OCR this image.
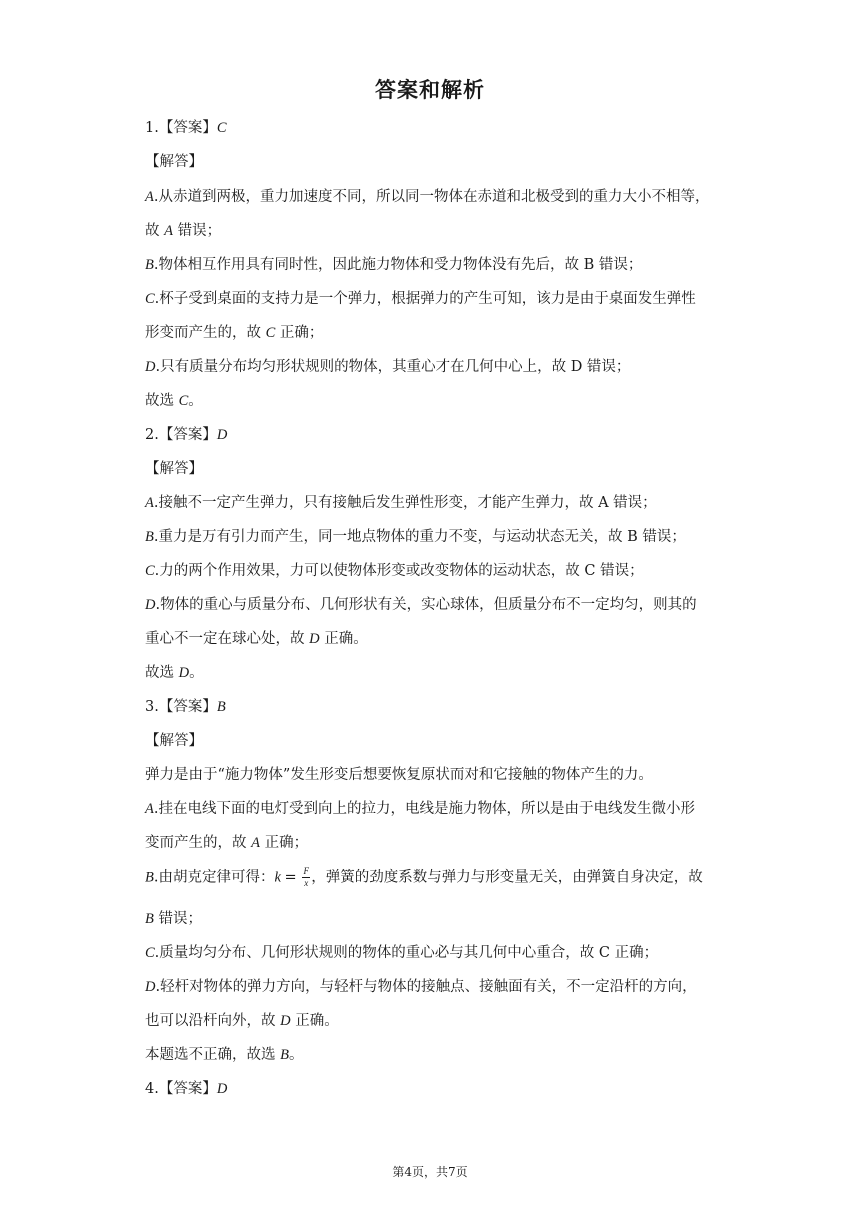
答案和解析
1.【答案】C
【解答】
A.从赤道到两极，重力加速度不同，所以同一物体在赤道和北极受到的重力大小不相等，
故 A 错误；
B.物体相互作用具有同时性，因此施力物体和受力物体没有先后，故 B 错误；
C.杯子受到桌面的支持力是一个弹力，根据弹力的产生可知，该力是由于桌面发生弹性
形变而产生的，故 C 正确；
D.只有质量分布均匀形状规则的物体，其重心才在几何中心上，故 D 错误；
故选 C。
2.【答案】D
【解答】
A.接触不一定产生弹力，只有接触后发生弹性形变，才能产生弹力，故 A 错误；
B.重力是万有引力而产生，同一地点物体的重力不变，与运动状态无关，故 B 错误；
C.力的两个作用效果，力可以使物体形变或改变物体的运动状态，故 C 错误；
D.物体的重心与质量分布、几何形状有关，实心球体，但质量分布不一定均匀，则其的
重心不一定在球心处，故 D 正确。
故选 D。
3.【答案】B
【解答】
弹力是由于“施力物体”发生形变后想要恢复原状而对和它接触的物体产生的力。
A.挂在电线下面的电灯受到向上的拉力，电线是施力物体，所以是由于电线发生微小形
变而产生的，故 A 正确；
B.由胡克定律可得：$k = \frac{F}{x}$ ，弹簧的劲度系数与弹力与形变量无关，由弹簧自身决定，故
B 错误；
C.质量均匀分布、几何形状规则的物体的重心必与其几何中心重合，故 C 正确；
D.轻杆对物体的弹力方向，与轻杆与物体的接触点、接触面有关，不一定沿杆的方向，
也可以沿杆向外，故 D 正确。
本题选不正确，故选 B。
4.【答案】D
第4页，共7页
